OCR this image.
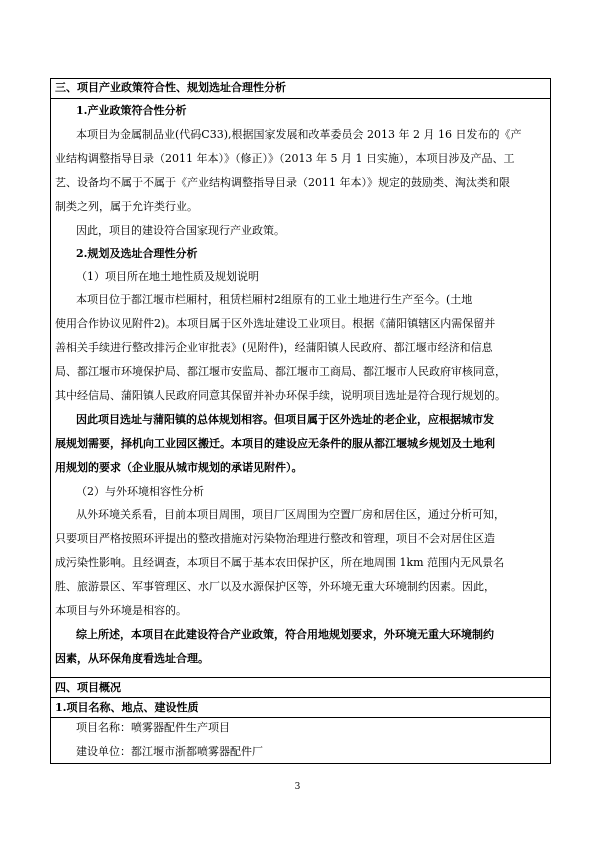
三、项目产业政策符合性、规划选址合理性分析
1.产业政策符合性分析
本项目为金属制品业(代码C33),根据国家发展和改革委员会 2013 年 2 月 16 日发布的《产
业结构调整指导目录（2011 年本）》（修正）》（2013 年 5 月 1 日实施），本项目涉及产品、工
艺、设备均不属于不属于《产业结构调整指导目录（2011 年本）》规定的鼓励类、淘汰类和限
制类之列，属于允许类行业。
因此，项目的建设符合国家现行产业政策。
2.规划及选址合理性分析
（1）项目所在地土地性质及规划说明
本项目位于都江堰市栏厢村，租赁栏厢村2组原有的工业土地进行生产至今。(土地
使用合作协议见附件2)。本项目属于区外选址建设工业项目。根据《蒲阳镇辖区内需保留并
善相关手续进行整改排污企业审批表》(见附件)，经蒲阳镇人民政府、都江堰市经济和信息
局、都江堰市环境保护局、都江堰市安监局、都江堰市工商局、都江堰市人民政府审核同意，
其中经信局、蒲阳镇人民政府同意其保留并补办环保手续，说明项目选址是符合现行规划的。
因此项目选址与蒲阳镇的总体规划相容。但项目属于区外选址的老企业，应根据城市发
展规划需要，择机向工业园区搬迁。本项目的建设应无条件的服从都江堰城乡规划及土地利
用规划的要求（企业服从城市规划的承诺见附件）。
（2）与外环境相容性分析
从外环境关系看，目前本项目周围，项目厂区周围为空置厂房和居住区，通过分析可知，
只要项目严格按照环评提出的整改措施对污染物治理进行整改和管理，项目不会对居住区造
成污染性影响。且经调查，本项目不属于基本农田保护区，所在地周围 1km 范围内无风景名
胜、旅游景区、军事管理区、水厂以及水源保护区等，外环境无重大环境制约因素。因此，
本项目与外环境是相容的。
综上所述，本项目在此建设符合产业政策，符合用地规划要求，外环境无重大环境制约
因素，从环保角度看选址合理。
四、项目概况
1.项目名称、地点、建设性质
项目名称：喷雾器配件生产项目
建设单位：都江堰市浙都喷雾器配件厂
3
